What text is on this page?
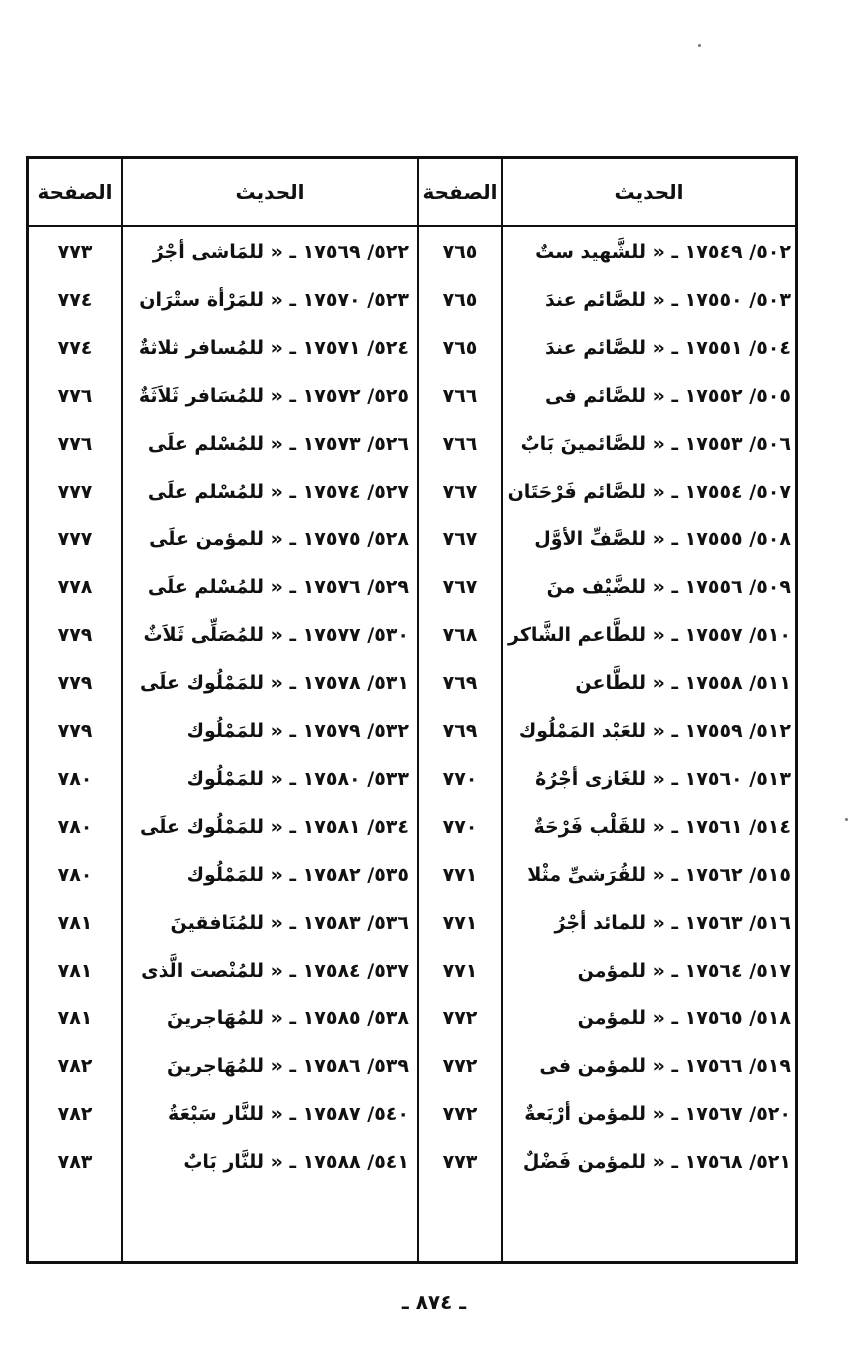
الحديث
الصفحة
الحديث
الصفحة
٥٠٢/ ١٧٥٤٩ ـ « للشَّهيد ستٌ
٧٦٥
٥٢٢/ ١٧٥٦٩ ـ « للمَاشى أجْرُ
٧٧٣
٥٠٣/ ١٧٥٥٠ ـ « للصَّائم عندَ
٧٦٥
٥٢٣/ ١٧٥٧٠ ـ « للمَرْأة ستْرَان
٧٧٤
٥٠٤/ ١٧٥٥١ ـ « للصَّائم عندَ
٧٦٥
٥٢٤/ ١٧٥٧١ ـ « للمُسافر ثلاثةٌ
٧٧٤
٥٠٥/ ١٧٥٥٢ ـ « للصَّائم فى
٧٦٦
٥٢٥/ ١٧٥٧٢ ـ « للمُسَافر ثَلاَثَةٌ
٧٧٦
٥٠٦/ ١٧٥٥٣ ـ « للصَّائمينَ بَابٌ
٧٦٦
٥٢٦/ ١٧٥٧٣ ـ « للمُسْلم علَى
٧٧٦
٥٠٧/ ١٧٥٥٤ ـ « للصَّائم فَرْحَتَان
٧٦٧
٥٢٧/ ١٧٥٧٤ ـ « للمُسْلم علَى
٧٧٧
٥٠٨/ ١٧٥٥٥ ـ « للصَّفِّ الأوَّل
٧٦٧
٥٢٨/ ١٧٥٧٥ ـ « للمؤمن علَى
٧٧٧
٥٠٩/ ١٧٥٥٦ ـ « للضَّيْف منَ
٧٦٧
٥٢٩/ ١٧٥٧٦ ـ « للمُسْلم علَى
٧٧٨
٥١٠/ ١٧٥٥٧ ـ « للطَّاعم الشَّاكر
٧٦٨
٥٣٠/ ١٧٥٧٧ ـ « للمُصَلِّى ثَلاَثٌ
٧٧٩
٥١١/ ١٧٥٥٨ ـ « للطَّاعن
٧٦٩
٥٣١/ ١٧٥٧٨ ـ « للمَمْلُوك علَى
٧٧٩
٥١٢/ ١٧٥٥٩ ـ « للعَبْد المَمْلُوك
٧٦٩
٥٣٢/ ١٧٥٧٩ ـ « للمَمْلُوك
٧٧٩
٥١٣/ ١٧٥٦٠ ـ « للغَازى أجْرُهُ
٧٧٠
٥٣٣/ ١٧٥٨٠ ـ « للمَمْلُوك
٧٨٠
٥١٤/ ١٧٥٦١ ـ « للقَلْب فَرْحَةٌ
٧٧٠
٥٣٤/ ١٧٥٨١ ـ « للمَمْلُوك علَى
٧٨٠
٥١٥/ ١٧٥٦٢ ـ « للقُرَشىِّ مثْلا
٧٧١
٥٣٥/ ١٧٥٨٢ ـ « للمَمْلُوك
٧٨٠
٥١٦/ ١٧٥٦٣ ـ « للمائد أجْرُ
٧٧١
٥٣٦/ ١٧٥٨٣ ـ « للمُنَافقينَ
٧٨١
٥١٧/ ١٧٥٦٤ ـ « للمؤمن
٧٧١
٥٣٧/ ١٧٥٨٤ ـ « للمُنْصت الَّذى
٧٨١
٥١٨/ ١٧٥٦٥ ـ « للمؤمن
٧٧٢
٥٣٨/ ١٧٥٨٥ ـ « للمُهَاجرينَ
٧٨١
٥١٩/ ١٧٥٦٦ ـ « للمؤمن فى
٧٧٢
٥٣٩/ ١٧٥٨٦ ـ « للمُهَاجرينَ
٧٨٢
٥٢٠/ ١٧٥٦٧ ـ « للمؤمن أرْبَعةٌ
٧٧٢
٥٤٠/ ١٧٥٨٧ ـ « للنَّار سَبْعَةُ
٧٨٢
٥٢١/ ١٧٥٦٨ ـ « للمؤمن فَضْلٌ
٧٧٣
٥٤١/ ١٧٥٨٨ ـ « للنَّار بَابٌ
٧٨٣
ـ ٨٧٤ ـ
